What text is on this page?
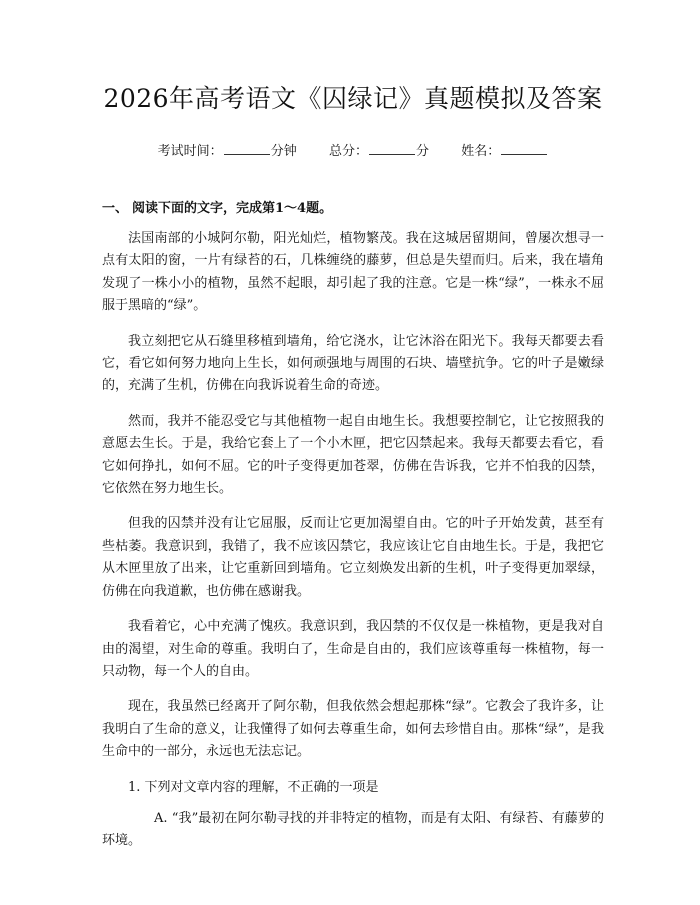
2026年高考语文《囚绿记》真题模拟及答案
考试时间：	分钟 总分：	分 姓名：
一、 阅读下面的文字，完成第1～4题。

法国南部的小城阿尔勒，阳光灿烂，植物繁茂。我在这城居留期间，曾屡次想寻一点有太阳的窗，一片有绿苔的石，几株缠绕的藤萝，但总是失望而归。后来，我在墙角发现了一株小小的植物，虽然不起眼，却引起了我的注意。它是一株“绿”，一株永不屈服于黑暗的“绿”。

我立刻把它从石缝里移植到墙角，给它浇水，让它沐浴在阳光下。我每天都要去看它，看它如何努力地向上生长，如何顽强地与周围的石块、墙壁抗争。它的叶子是嫩绿的，充满了生机，仿佛在向我诉说着生命的奇迹。

然而，我并不能忍受它与其他植物一起自由地生长。我想要控制它，让它按照我的意愿去生长。于是，我给它套上了一个小木匣，把它囚禁起来。我每天都要去看它，看它如何挣扎，如何不屈。它的叶子变得更加苍翠，仿佛在告诉我，它并不怕我的囚禁，它依然在努力地生长。

但我的囚禁并没有让它屈服，反而让它更加渴望自由。它的叶子开始发黄，甚至有些枯萎。我意识到，我错了，我不应该囚禁它，我应该让它自由地生长。于是，我把它从木匣里放了出来，让它重新回到墙角。它立刻焕发出新的生机，叶子变得更加翠绿，仿佛在向我道歉，也仿佛在感谢我。

我看着它，心中充满了愧疚。我意识到，我囚禁的不仅仅是一株植物，更是我对自由的渴望，对生命的尊重。我明白了，生命是自由的，我们应该尊重每一株植物，每一只动物，每一个人的自由。

现在，我虽然已经离开了阿尔勒，但我依然会想起那株“绿”。它教会了我许多，让我明白了生命的意义，让我懂得了如何去尊重生命，如何去珍惜自由。那株“绿”，是我生命中的一部分，永远也无法忘记。

1. 下列对文章内容的理解，不正确的一项是
A. “我”最初在阿尔勒寻找的并非特定的植物，而是有太阳、有绿苔、有藤萝的环境。
